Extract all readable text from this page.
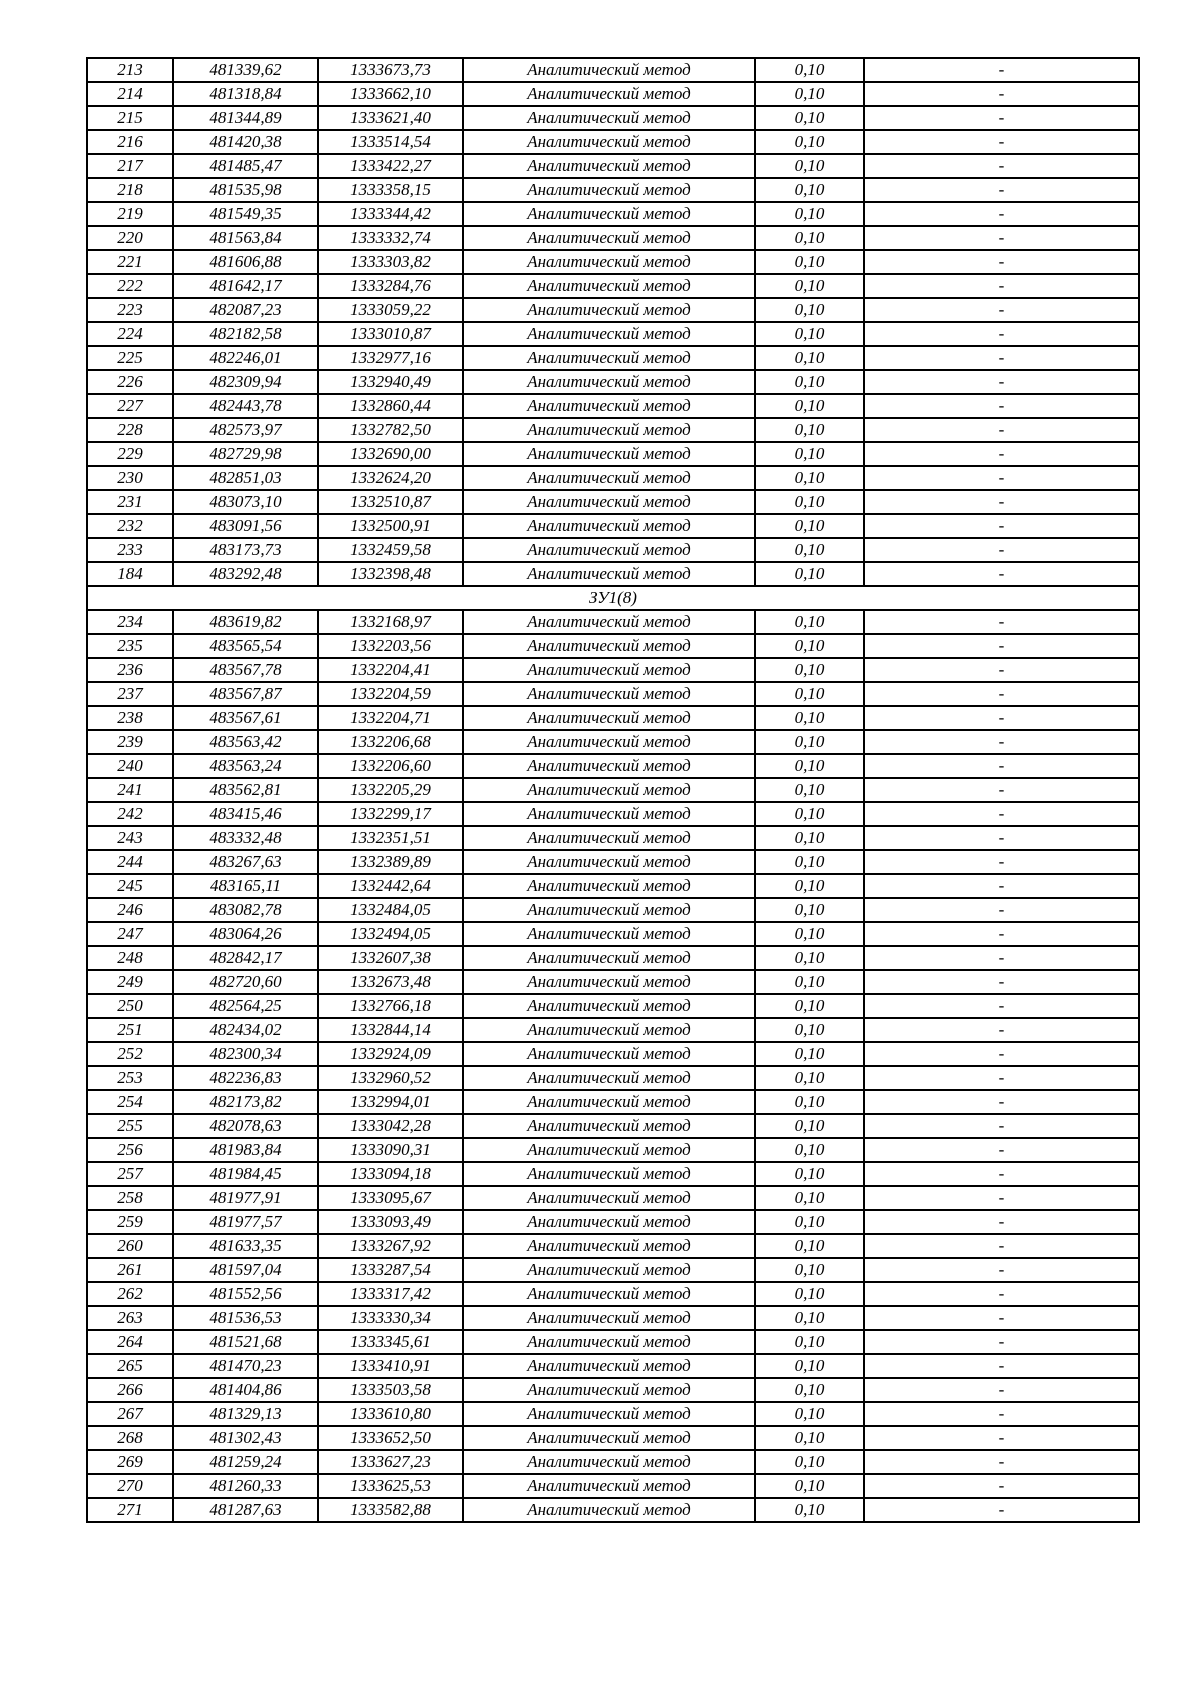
213	481339,62	1333673,73	Аналитический метод	0,10	-
214	481318,84	1333662,10	Аналитический метод	0,10	-
215	481344,89	1333621,40	Аналитический метод	0,10	-
216	481420,38	1333514,54	Аналитический метод	0,10	-
217	481485,47	1333422,27	Аналитический метод	0,10	-
218	481535,98	1333358,15	Аналитический метод	0,10	-
219	481549,35	1333344,42	Аналитический метод	0,10	-
220	481563,84	1333332,74	Аналитический метод	0,10	-
221	481606,88	1333303,82	Аналитический метод	0,10	-
222	481642,17	1333284,76	Аналитический метод	0,10	-
223	482087,23	1333059,22	Аналитический метод	0,10	-
224	482182,58	1333010,87	Аналитический метод	0,10	-
225	482246,01	1332977,16	Аналитический метод	0,10	-
226	482309,94	1332940,49	Аналитический метод	0,10	-
227	482443,78	1332860,44	Аналитический метод	0,10	-
228	482573,97	1332782,50	Аналитический метод	0,10	-
229	482729,98	1332690,00	Аналитический метод	0,10	-
230	482851,03	1332624,20	Аналитический метод	0,10	-
231	483073,10	1332510,87	Аналитический метод	0,10	-
232	483091,56	1332500,91	Аналитический метод	0,10	-
233	483173,73	1332459,58	Аналитический метод	0,10	-
184	483292,48	1332398,48	Аналитический метод	0,10	-
ЗУ1(8)					
234	483619,82	1332168,97	Аналитический метод	0,10	-
235	483565,54	1332203,56	Аналитический метод	0,10	-
236	483567,78	1332204,41	Аналитический метод	0,10	-
237	483567,87	1332204,59	Аналитический метод	0,10	-
238	483567,61	1332204,71	Аналитический метод	0,10	-
239	483563,42	1332206,68	Аналитический метод	0,10	-
240	483563,24	1332206,60	Аналитический метод	0,10	-
241	483562,81	1332205,29	Аналитический метод	0,10	-
242	483415,46	1332299,17	Аналитический метод	0,10	-
243	483332,48	1332351,51	Аналитический метод	0,10	-
244	483267,63	1332389,89	Аналитический метод	0,10	-
245	483165,11	1332442,64	Аналитический метод	0,10	-
246	483082,78	1332484,05	Аналитический метод	0,10	-
247	483064,26	1332494,05	Аналитический метод	0,10	-
248	482842,17	1332607,38	Аналитический метод	0,10	-
249	482720,60	1332673,48	Аналитический метод	0,10	-
250	482564,25	1332766,18	Аналитический метод	0,10	-
251	482434,02	1332844,14	Аналитический метод	0,10	-
252	482300,34	1332924,09	Аналитический метод	0,10	-
253	482236,83	1332960,52	Аналитический метод	0,10	-
254	482173,82	1332994,01	Аналитический метод	0,10	-
255	482078,63	1333042,28	Аналитический метод	0,10	-
256	481983,84	1333090,31	Аналитический метод	0,10	-
257	481984,45	1333094,18	Аналитический метод	0,10	-
258	481977,91	1333095,67	Аналитический метод	0,10	-
259	481977,57	1333093,49	Аналитический метод	0,10	-
260	481633,35	1333267,92	Аналитический метод	0,10	-
261	481597,04	1333287,54	Аналитический метод	0,10	-
262	481552,56	1333317,42	Аналитический метод	0,10	-
263	481536,53	1333330,34	Аналитический метод	0,10	-
264	481521,68	1333345,61	Аналитический метод	0,10	-
265	481470,23	1333410,91	Аналитический метод	0,10	-
266	481404,86	1333503,58	Аналитический метод	0,10	-
267	481329,13	1333610,80	Аналитический метод	0,10	-
268	481302,43	1333652,50	Аналитический метод	0,10	-
269	481259,24	1333627,23	Аналитический метод	0,10	-
270	481260,33	1333625,53	Аналитический метод	0,10	-
271	481287,63	1333582,88	Аналитический метод	0,10	-
